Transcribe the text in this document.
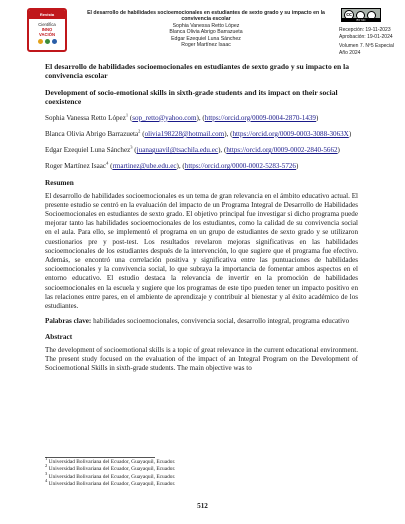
Revista
Científica
INNO
VACIÓN
El desarrollo de habilidades socioemocionales en estudiantes de sexto grado y su impacto en la
convivencia escolar
Sophia Vanessa Retto López
Blanca Olivia Abrigo Barrazueta
Edgar Ezequiel Luna Sánchez
Roger Martínez Isaac
cc
BY NC
Recepción: 19-11-2023
Aprobación: 19-01-2024
Volumen 7. Nº5 Especial
Año 2024

El desarrollo de habilidades socioemocionales en estudiantes de sexto grado y su impacto en la convivencia escolar

Development of socio-emotional skills in sixth-grade students and its impact on their social coexistence

Sophia Vanessa Retto López$^1$ (sop_retto@yahoo.com), (https://orcid.org/0009-0004-2870-1439)

Blanca Olivia Abrigo Barrazueta$^2$ (olivia198228@hotmail.com), (https://orcid.org/0009-0003-3088-3063X)

Edgar Ezequiel Luna Sánchez$^3$ (juanaguavil@tsachila.edu.ec), (https://orcid.org/0009-0002-2840-5662)

Roger Martínez Isaac$^4$ (rmartinez@ube.edu.ec), (https://orcid.org/0000-0002-5283-5726)

Resumen

El desarrollo de habilidades socioemocionales es un tema de gran relevancia en el ámbito educativo actual. El presente estudio se centró en la evaluación del impacto de un Programa Integral de Desarrollo de Habilidades Socioemocionales en estudiantes de sexto grado. El objetivo principal fue investigar si dicho programa puede mejorar tanto las habilidades socioemocionales de los estudiantes, como la calidad de su convivencia social en el aula. Para ello, se implementó el programa en un grupo de estudiantes de sexto grado y se utilizaron cuestionarios pre y post-test. Los resultados revelaron mejoras significativas en las habilidades socioemocionales de los estudiantes después de la intervención, lo que sugiere que el programa fue efectivo. Además, se encontró una correlación positiva y significativa entre las puntuaciones de habilidades socioemocionales y la convivencia social, lo que subraya la importancia de fomentar ambos aspectos en el entorno educativo. El estudio destaca la relevancia de invertir en la promoción de habilidades socioemocionales en la escuela y sugiere que los programas de este tipo pueden tener un impacto positivo en las relaciones entre pares, en el ambiente de aprendizaje y contribuir al bienestar y al éxito académico de los estudiantes.

Palabras clave: habilidades socioemocionales, convivencia social, desarrollo integral, programa educativo

Abstract

The development of socioemotional skills is a topic of great relevance in the current educational environment. The present study focused on the evaluation of the impact of an Integral Program on the Development of Socioemotional Skills in sixth-grade students. The main objective was to

$^1$ Universidad Bolivariana del Ecuador, Guayaquil, Ecuador.
$^2$ Universidad Bolivariana del Ecuador, Guayaquil, Ecuador.
$^3$ Universidad Bolivariana del Ecuador, Guayaquil, Ecuador.
$^4$ Universidad Bolivariana del Ecuador, Guayaquil, Ecuador.
512
